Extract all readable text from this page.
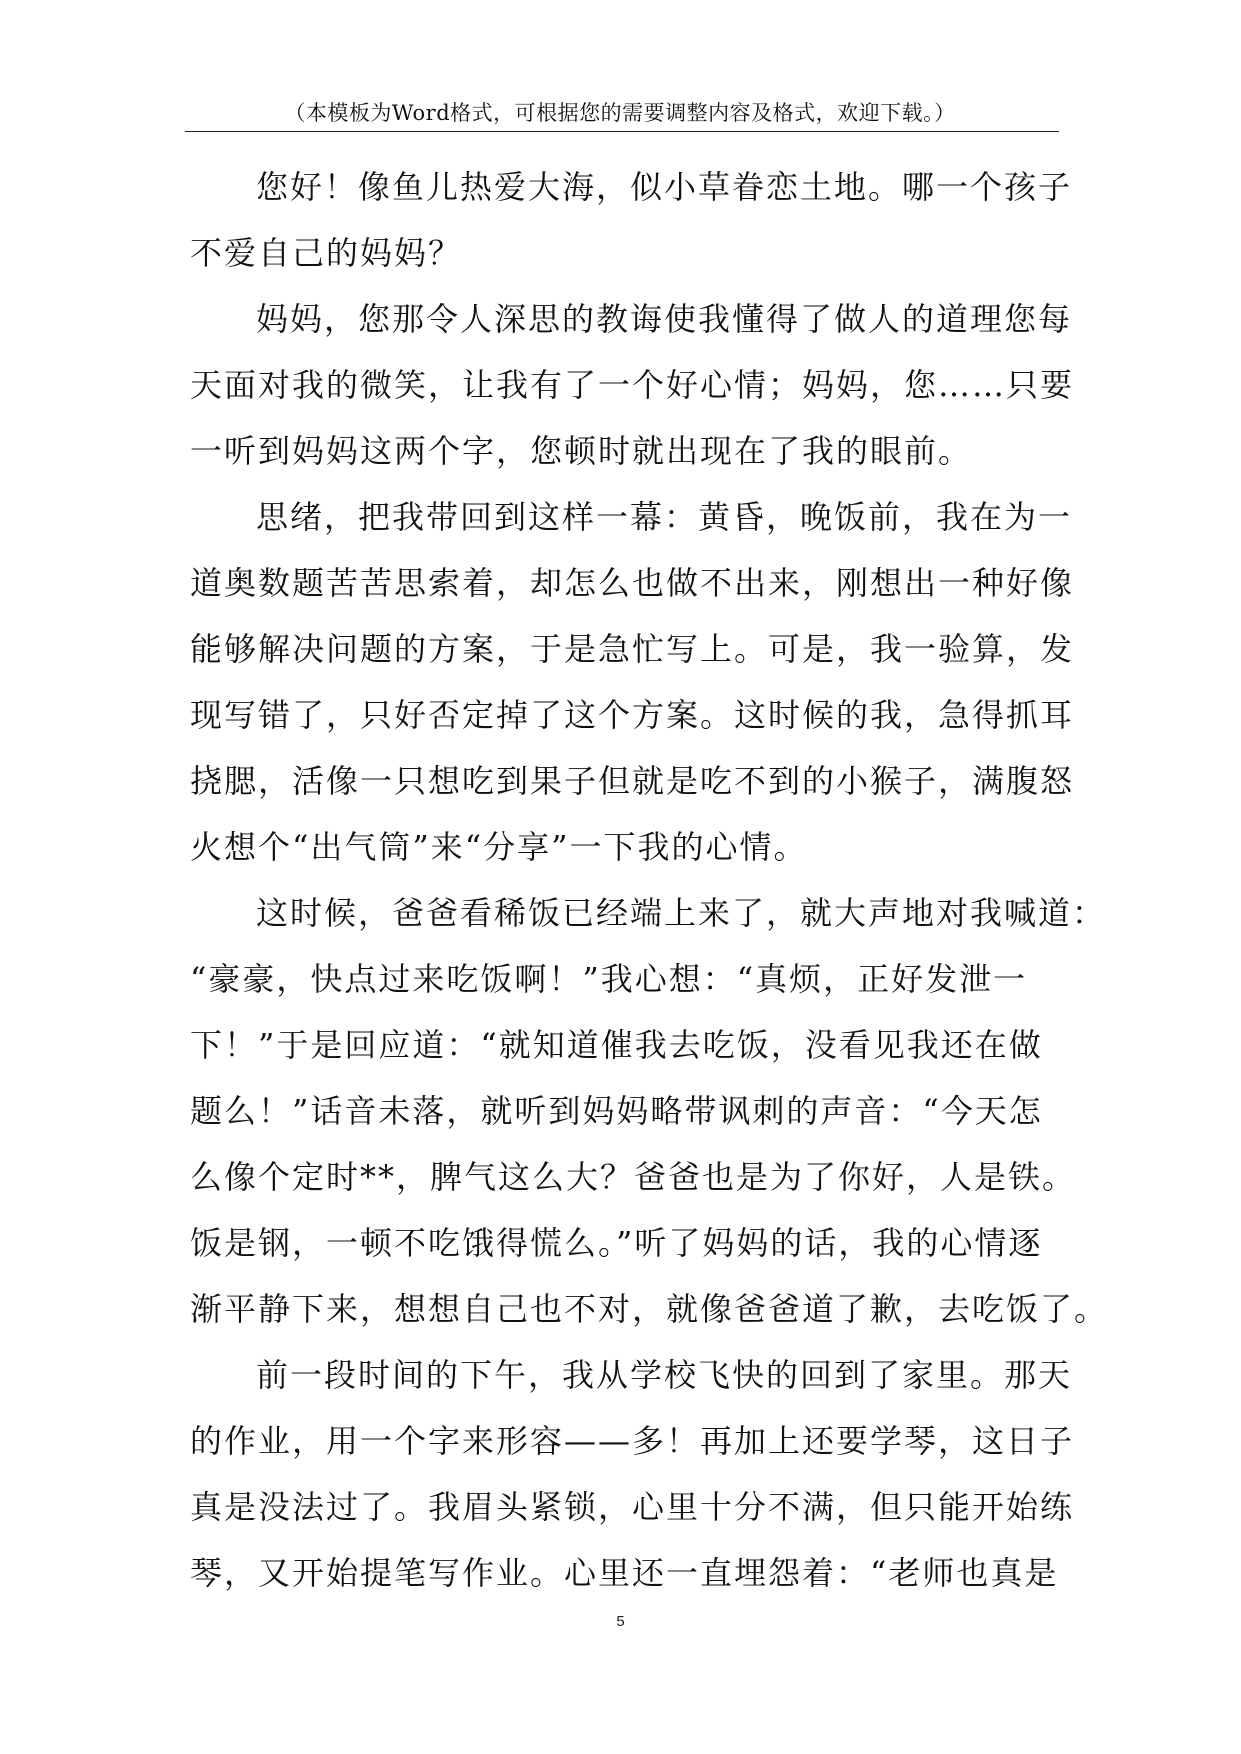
（本模板为Word格式，可根据您的需要调整内容及格式，欢迎下载。）
您好！像鱼儿热爱大海，似小草眷恋土地。哪一个孩子
不爱自己的妈妈？
妈妈，您那令人深思的教诲使我懂得了做人的道理您每
天面对我的微笑，让我有了一个好心情；妈妈，您……只要
一听到妈妈这两个字，您顿时就出现在了我的眼前。
思绪，把我带回到这样一幕：黄昏，晚饭前，我在为一
道奥数题苦苦思索着，却怎么也做不出来，刚想出一种好像
能够解决问题的方案，于是急忙写上。可是，我一验算，发
现写错了，只好否定掉了这个方案。这时候的我，急得抓耳
挠腮，活像一只想吃到果子但就是吃不到的小猴子，满腹怒
火想个“出气筒”来“分享”一下我的心情。
这时候，爸爸看稀饭已经端上来了，就大声地对我喊道：
“豪豪，快点过来吃饭啊！”我心想：“真烦，正好发泄一
下！”于是回应道：“就知道催我去吃饭，没看见我还在做
题么！”话音未落，就听到妈妈略带讽刺的声音：“今天怎
么像个定时**，脾气这么大？爸爸也是为了你好，人是铁。
饭是钢，一顿不吃饿得慌么。”听了妈妈的话，我的心情逐
渐平静下来，想想自己也不对，就像爸爸道了歉，去吃饭了。
前一段时间的下午，我从学校飞快的回到了家里。那天
的作业，用一个字来形容——多！再加上还要学琴，这日子
真是没法过了。我眉头紧锁，心里十分不满，但只能开始练
琴，又开始提笔写作业。心里还一直埋怨着：“老师也真是
5
